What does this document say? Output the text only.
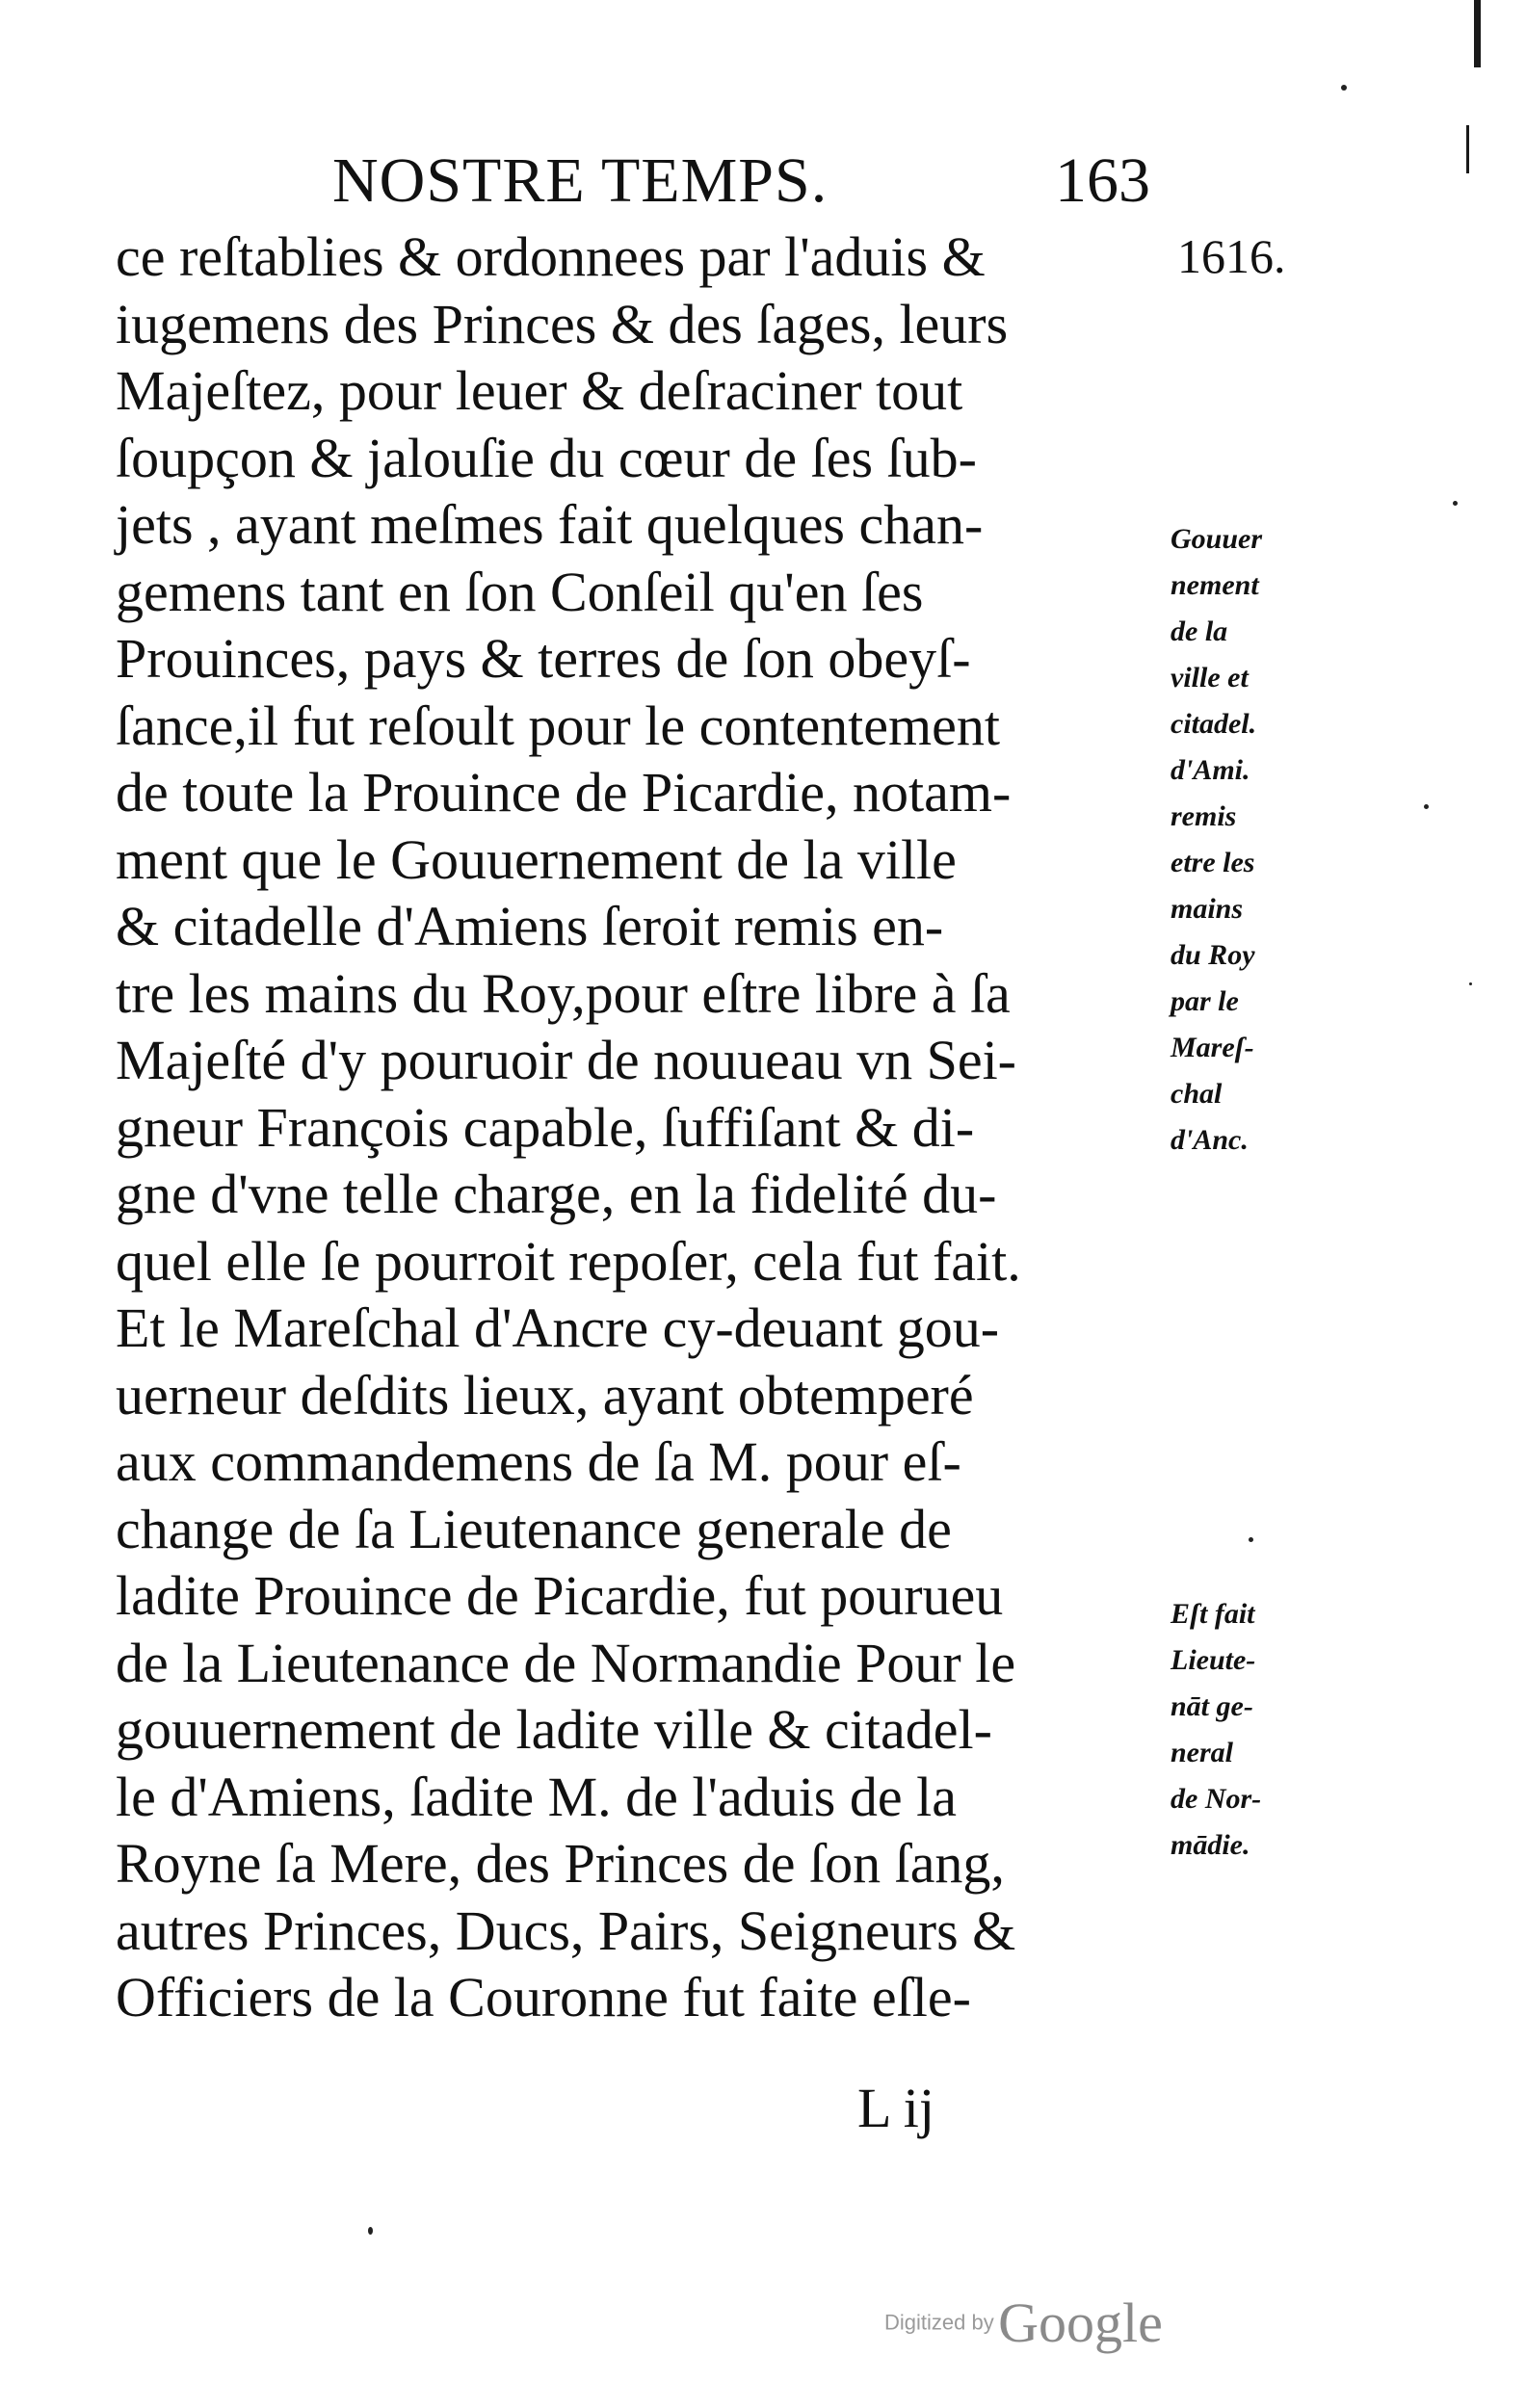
NOSTRE TEMPS.	163
ce reſtablies & ordonnees par l'aduis &
iugemens des Princes & des ſages, leurs
Majeſtez, pour leuer & deſraciner tout
ſoupçon & jalouſie du cœur de ſes ſub-
jets , ayant meſmes fait quelques chan-
gemens tant en ſon Conſeil qu'en ſes
Prouinces, pays & terres de ſon obeyſ-
ſance,il fut reſoult pour le contentement
de toute la Prouince de Picardie, notam-
ment que le Gouuernement de la ville
& citadelle d'Amiens ſeroit remis en-
tre les mains du Roy,pour eſtre libre à ſa
Majeſté d'y pouruoir de nouueau vn Sei-
gneur François capable, ſuffiſant & di-
gne d'vne telle charge, en la fidelité du-
quel elle ſe pourroit repoſer, cela fut fait.
Et le Mareſchal d'Ancre cy-deuant gou-
uerneur deſdits lieux, ayant obtemperé
aux commandemens de ſa M. pour eſ-
change de ſa Lieutenance generale de
ladite Prouince de Picardie, fut pourueu
de la Lieutenance de Normandie Pour le
gouuernement de ladite ville & citadel-
le d'Amiens, ſadite M. de l'aduis de la
Royne ſa Mere, des Princes de ſon ſang,
autres Princes, Ducs, Pairs, Seigneurs &
Officiers de la Couronne fut faite eſle-
1616.
Gouuer
nement
de la
ville et
citadel.
d'Ami.
remis
etre les
mains
du Roy
par le
Mareſ-
chal
d'Anc.
Eſt fait
Lieute-
nāt ge-
neral
de Nor-
mādie.
L ij
Digitized by Google
